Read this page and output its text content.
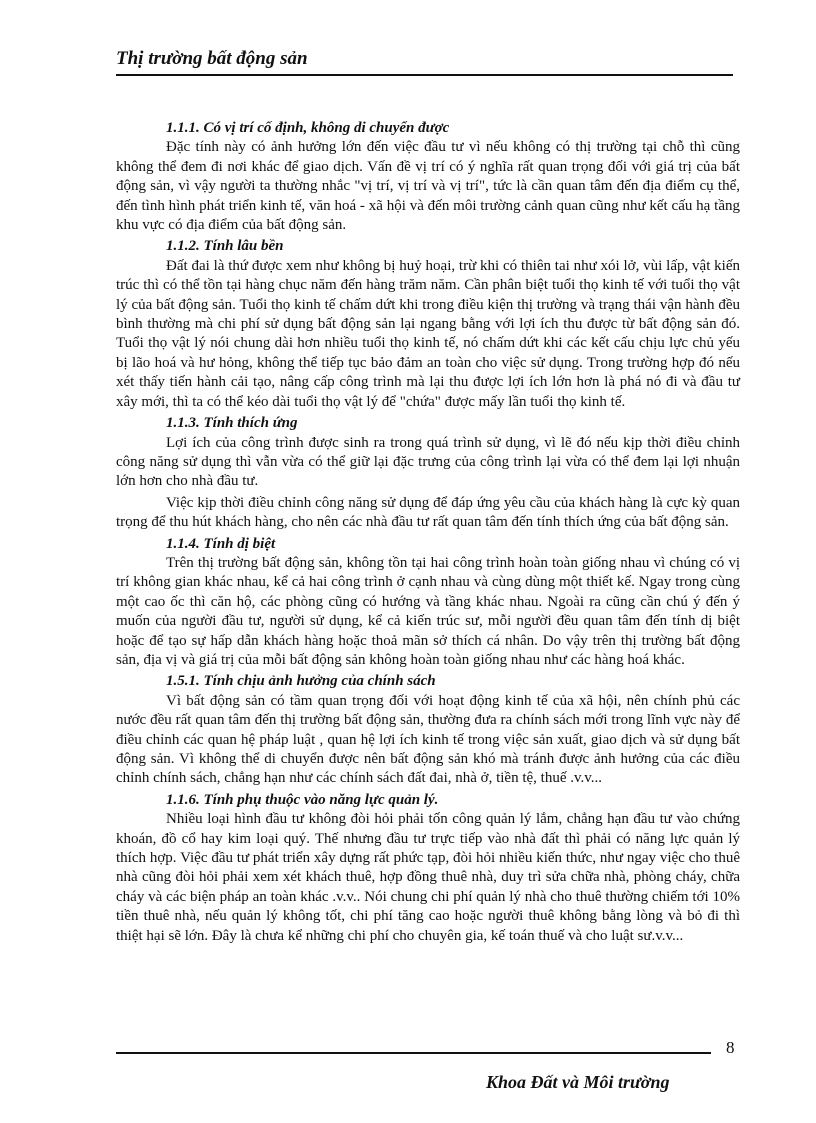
Thị trường bất động sản
1.1.1. Có vị trí cố định, không di chuyển được

Đặc tính này có ảnh hưởng lớn đến việc đầu tư vì nếu không có thị trường tại chỗ thì cũng không thể đem đi nơi khác để giao dịch. Vấn đề vị trí có ý nghĩa rất quan trọng đối với giá trị của bất động sản, vì vậy người ta thường nhắc "vị trí, vị trí và vị trí", tức là cần quan tâm đến địa điểm cụ thể, đến tình hình phát triển kinh tế, văn hoá - xã hội và đến môi trường cảnh quan cũng như kết cấu hạ tầng khu vực có địa điểm của bất động sản.

1.1.2. Tính lâu bền

Đất đai là thứ được xem như không bị huỷ hoại, trừ khi có thiên tai như xói lở, vùi lấp, vật kiến trúc thì có thể tồn tại hàng chục năm đến hàng trăm năm. Cần phân biệt tuổi thọ kinh tế với tuổi thọ vật lý của bất động sản. Tuổi thọ kinh tế chấm dứt khi trong điều kiện thị trường và trạng thái vận hành đều bình thường mà chi phí sử dụng bất động sản lại ngang bằng với lợi ích thu được từ bất động sản đó. Tuổi thọ vật lý nói chung dài hơn nhiều tuổi thọ kinh tế, nó chấm dứt khi các kết cấu chịu lực chủ yếu bị lão hoá và hư hỏng, không thể tiếp tục bảo đảm an toàn cho việc sử dụng. Trong trường hợp đó nếu xét thấy tiến hành cải tạo, nâng cấp công trình mà lại thu được lợi ích lớn hơn là phá nó đi và đầu tư xây mới, thì ta có thể kéo dài tuổi thọ vật lý để "chứa" được mấy lần tuổi thọ kinh tế.

1.1.3. Tính thích ứng

Lợi ích của công trình được sinh ra trong quá trình sử dụng, vì lẽ đó nếu kịp thời điều chỉnh công năng sử dụng thì vẫn vừa có thể giữ lại đặc trưng của công trình lại vừa có thể đem lại lợi nhuận lớn hơn cho nhà đầu tư.

Việc kịp thời điều chỉnh công năng sử dụng để đáp ứng yêu cầu của khách hàng là cực kỳ quan trọng để thu hút khách hàng, cho nên các nhà đầu tư rất quan tâm đến tính thích ứng của bất động sản.

1.1.4. Tính dị biệt

Trên thị trường bất động sản, không tồn tại hai công trình hoàn toàn giống nhau vì chúng có vị trí không gian khác nhau, kể cả hai công trình ở cạnh nhau và cùng dùng một thiết kế. Ngay trong cùng một cao ốc thì căn hộ, các phòng cũng có hướng và tầng khác nhau. Ngoài ra cũng cần chú ý đến ý muốn của người đầu tư, người sử dụng, kể cả kiến trúc sư, mỗi người đều quan tâm đến tính dị biệt hoặc để tạo sự hấp dẫn khách hàng hoặc thoả mãn sở thích cá nhân. Do vậy trên thị trường bất động sản, địa vị và giá trị của mỗi bất động sản không hoàn toàn giống nhau như các hàng hoá khác.

1.5.1. Tính chịu ảnh hưởng của chính sách

Vì bất động sản có tầm quan trọng đối với hoạt động kinh tế của xã hội, nên chính phủ các nước đều rất quan tâm đến thị trường bất động sản, thường đưa ra chính sách mới trong lĩnh vực này để điều chỉnh các quan hệ pháp luật , quan hệ lợi ích kinh tế trong việc sản xuất, giao dịch và sử dụng bất động sản. Vì không thể di chuyển được nên bất động sản khó mà tránh được ảnh hưởng của các điều chỉnh chính sách, chẳng hạn như các chính sách đất đai, nhà ở, tiền tệ, thuế .v.v...

1.1.6. Tính phụ thuộc vào năng lực quản lý.

Nhiều loại hình đầu tư không đòi hỏi phải tốn công quản lý lắm, chẳng hạn đầu tư vào chứng khoán, đồ cổ hay kim loại quý. Thế nhưng đầu tư trực tiếp vào nhà đất thì phải có năng lực quản lý thích hợp. Việc đầu tư phát triển xây dựng rất phức tạp, đòi hỏi nhiều kiến thức, như ngay việc cho thuê nhà cũng đòi hỏi phải xem xét khách thuê, hợp đồng thuê nhà, duy trì sửa chữa nhà, phòng cháy, chữa cháy và các biện pháp an toàn khác .v.v.. Nói chung chi phí quản lý nhà cho thuê thường chiếm tới 10% tiền thuê nhà, nếu quản lý không tốt, chi phí tăng cao hoặc người thuê không bằng lòng và bỏ đi thì thiệt hại sẽ lớn. Đây là chưa kể những chi phí cho chuyên gia, kế toán thuế và cho luật sư.v.v...

8
Khoa Đất và Môi trường
